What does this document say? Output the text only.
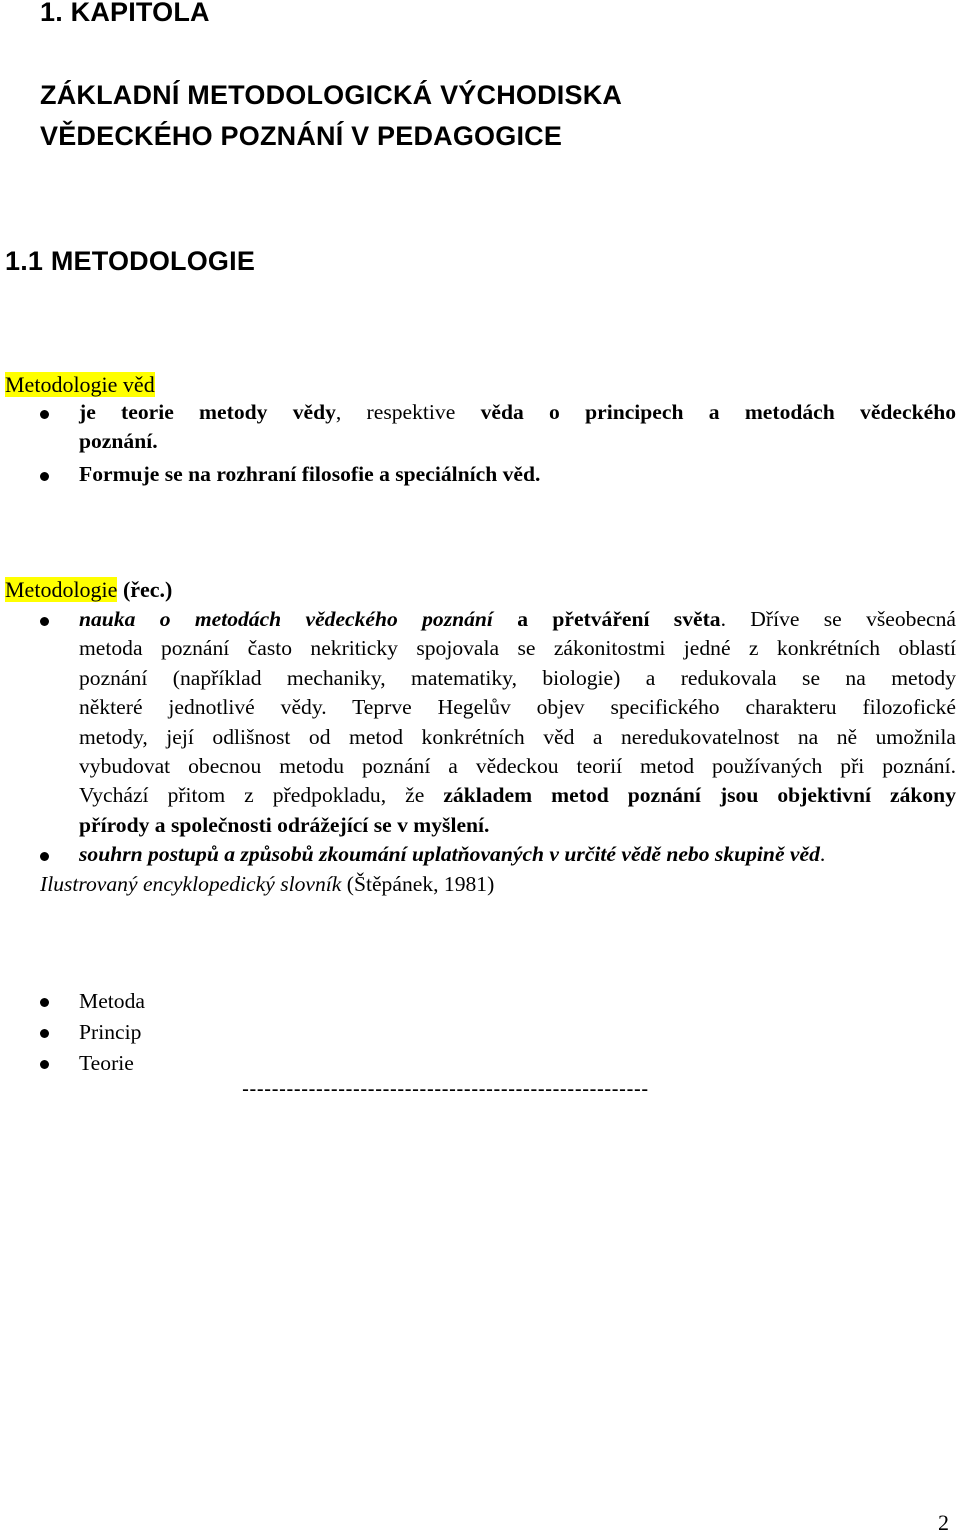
1. KAPITOLA
ZÁKLADNÍ METODOLOGICKÁ VÝCHODISKA
VĚDECKÉHO POZNÁNÍ V PEDAGOGICE
1.1 METODOLOGIE
Metodologie věd
je teorie metody vědy, respektive věda o principech a metodách vědeckého
poznání.
Formuje se na rozhraní filosofie a speciálních věd.
Metodologie (řec.)
nauka o metodách vědeckého poznání a přetváření světa. Dříve se všeobecná
metoda poznání často nekriticky spojovala se zákonitostmi jedné z konkrétních oblastí
poznání (například mechaniky, matematiky, biologie) a redukovala se na metody
některé jednotlivé vědy. Teprve Hegelův objev specifického charakteru filozofické
metody, její odlišnost od metod konkrétních věd a neredukovatelnost na ně umožnila
vybudovat obecnou metodu poznání a vědeckou teorií metod používaných při poznání.
Vychází přitom z předpokladu, že základem metod poznání jsou objektivní zákony
přírody a společnosti odrážející se v myšlení.
souhrn postupů a způsobů zkoumání uplatňovaných v určité vědě nebo skupině věd.
Ilustrovaný encyklopedický slovník (Štěpánek, 1981)
Metoda
Princip
Teorie
-------------------------------------------------------
2
